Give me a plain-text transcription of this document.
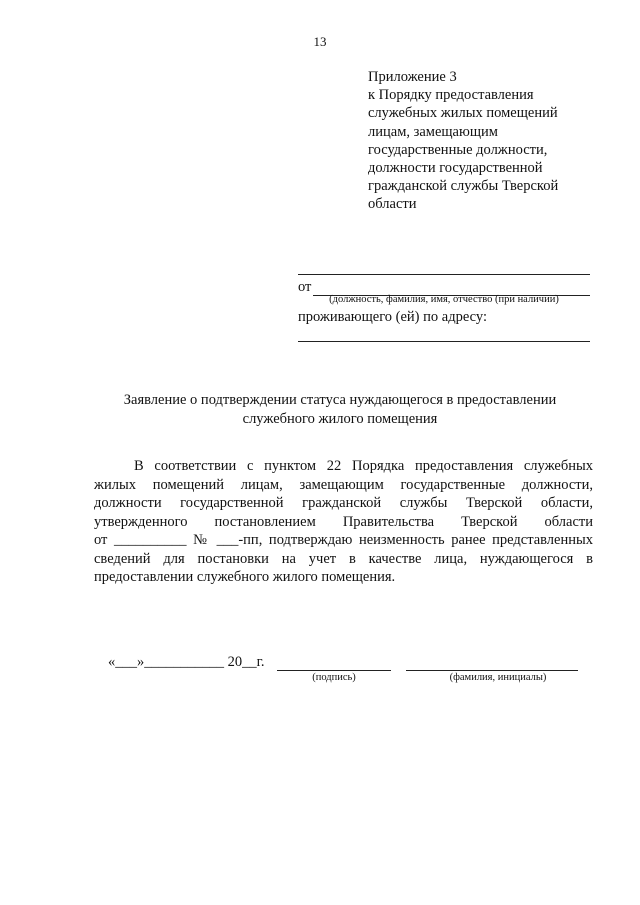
13
Приложение 3
к Порядку предоставления
служебных жилых помещений
лицам, замещающим
государственные должности,
должности государственной
гражданской службы Тверской
области
от
(должность, фамилия, имя, отчество (при наличии)
проживающего (ей) по адресу:
Заявление о подтверждении статуса нуждающегося в предоставлении
служебного жилого помещения
В соответствии с пунктом 22 Порядка предоставления служебных
жилых помещений лицам, замещающим государственные должности,
должности государственной гражданской службы Тверской области,
утвержденного постановлением Правительства Тверской области
от __________ № ___-пп, подтверждаю неизменность ранее представленных
сведений для постановки на учет в качестве лица, нуждающегося в
предоставлении служебного жилого помещения.
«___»___________ 20__г.
(подпись)	(фамилия, инициалы)
